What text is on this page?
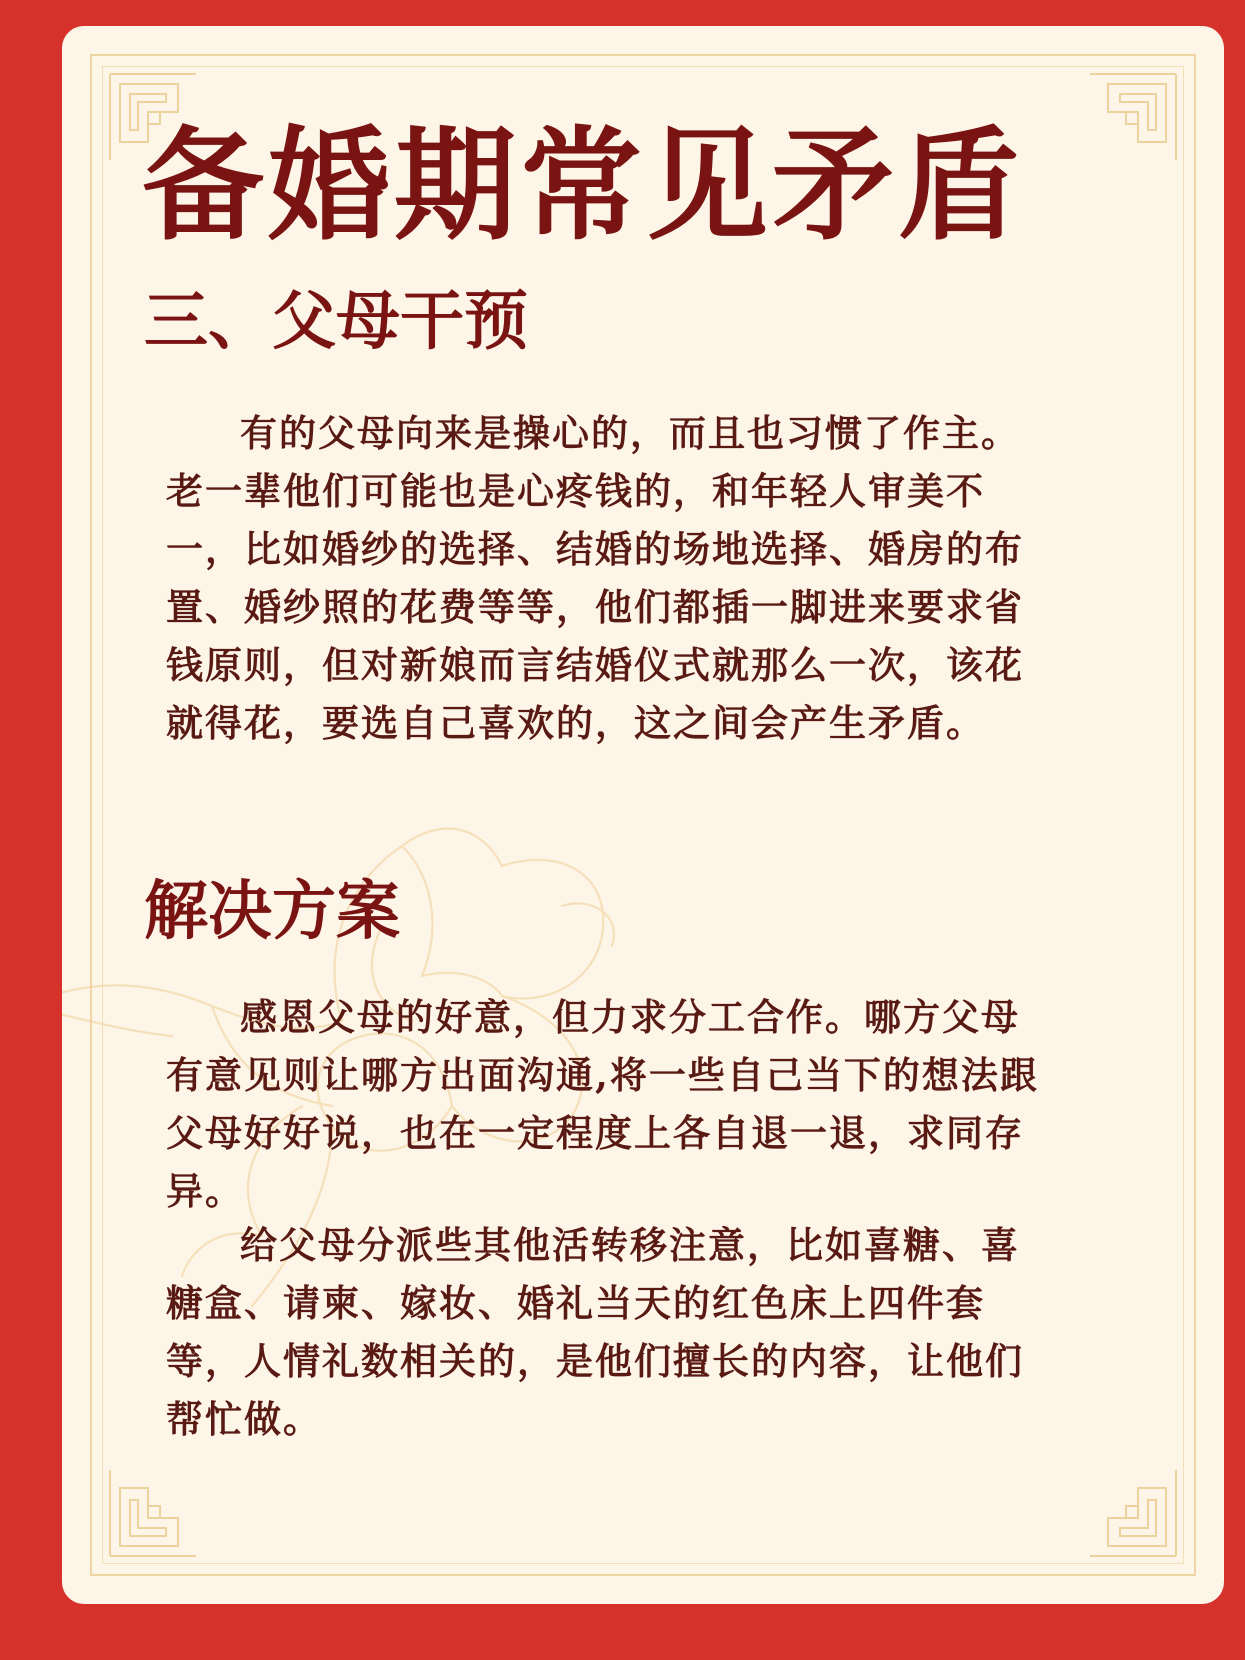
备婚期常见矛盾
三、父母干预

有的父母向来是操心的，而且也习惯了作主。老一辈他们可能也是心疼钱的，和年轻人审美不一，比如婚纱的选择、结婚的场地选择、婚房的布置、婚纱照的花费等等，他们都插一脚进来要求省钱原则，但对新娘而言结婚仪式就那么一次，该花就得花，要选自己喜欢的，这之间会产生矛盾。

解决方案

感恩父母的好意，但力求分工合作。哪方父母有意见则让哪方出面沟通,将一些自己当下的想法跟父母好好说，也在一定程度上各自退一退，求同存异。

给父母分派些其他活转移注意，比如喜糖、喜糖盒、请柬、嫁妆、婚礼当天的红色床上四件套等，人情礼数相关的，是他们擅长的内容，让他们帮忙做。
